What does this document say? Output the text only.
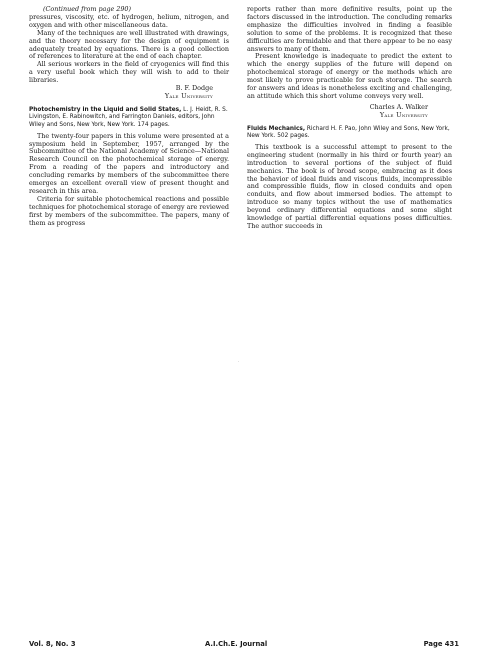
(Continued from page 290)

pressures, viscosity, etc. of hydrogen, helium, nitrogen, and oxygen and with other miscellaneous data.

Many of the techniques are well illustrated with drawings, and the theory necessary for the design of equipment is adequately treated by equations. There is a good collection of references to literature at the end of each chapter.

All serious workers in the field of cryogenics will find this a very useful book which they will wish to add to their libraries.

B. F. Dodge
Yale University

Photochemistry in the Liquid and Solid States, L. J. Heidt, R. S. Livingston, E. Rabinowitch, and Farrington Daniels, editors, John Wiley and Sons, New York, New York. 174 pages.

The twenty-four papers in this volume were presented at a symposium held in September, 1957, arranged by the Subcommittee of the National Academy of Science—National Research Council on the photochemical storage of energy. From a reading of the papers and introductory and concluding remarks by members of the subcommittee there emerges an excellent overall view of present thought and research in this area.

Criteria for suitable photochemical reactions and possible techniques for photochemical storage of energy are reviewed first by members of the subcommittee. The papers, many of them as progress

reports rather than more definitive results, point up the factors discussed in the introduction. The concluding remarks emphasize the difficulties involved in finding a feasible solution to some of the problems. It is recognized that these difficulties are formidable and that there appear to be no easy answers to many of them.

Present knowledge is inadequate to predict the extent to which the energy supplies of the future will depend on photochemical storage of energy or the methods which are most likely to prove practicable for such storage. The search for answers and ideas is nonetheless exciting and challenging, an attitude which this short volume conveys very well.

Charles A. Walker
Yale University

Fluids Mechanics, Richard H. F. Pao, John Wiley and Sons, New York, New York. 502 pages.

This textbook is a successful attempt to present to the engineering student (normally in his third or fourth year) an introduction to several portions of the subject of fluid mechanics. The book is of broad scope, embracing as it does the behavior of ideal fluids and viscous fluids, incompressible and compressible fluids, flow in closed conduits and open conduits, and flow about immersed bodies. The attempt to introduce so many topics without the use of mathematics beyond ordinary differential equations and some slight knowledge of partial differential equations poses difficulties. The author succeeds in

·
Vol. 8, No. 3	A.I.Ch.E. Journal	Page 431
